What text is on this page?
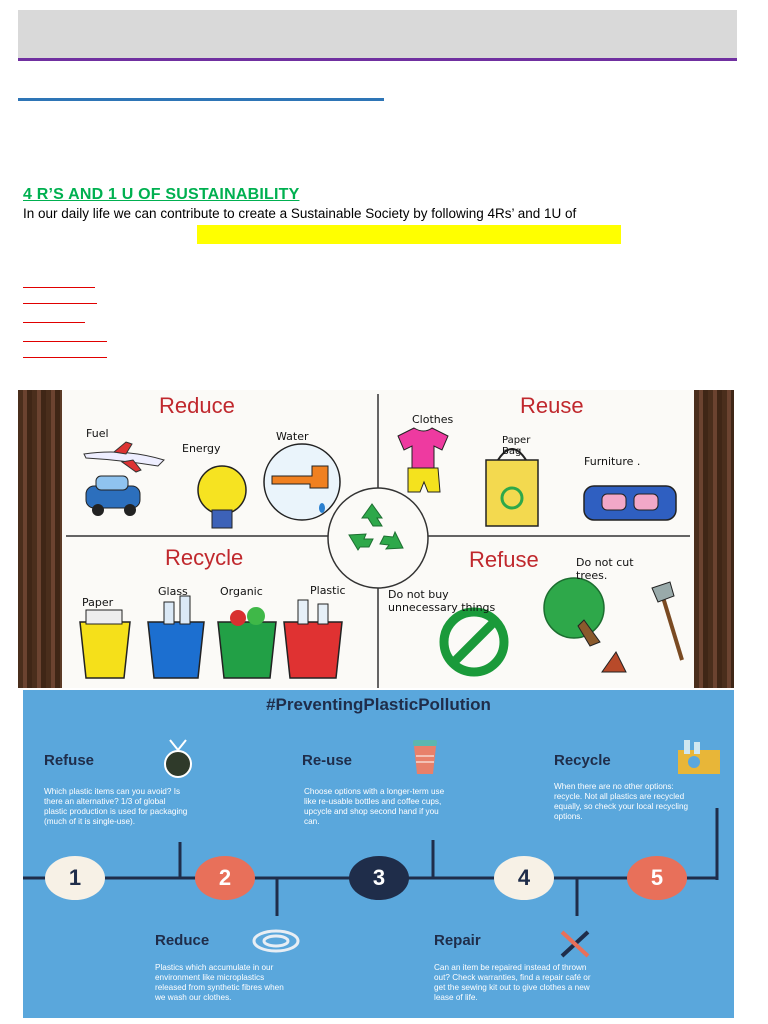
4 R’S AND 1 U OF SUSTAINABILITY
In our daily life we can contribute to create a Sustainable Society by following 4Rs’ and 1U of
Reduce	Reuse
Recycle	Refuse
Fuel
Energy
Water
Clothes
Paper Bag
Furniture .
Paper
Glass	Organic	Plastic
Do not cut trees.
Do not buy unnecessary things
#PreventingPlasticPollution
1	2	3	4	5
Refuse
Which plastic items can you avoid? Is there an alternative? 1/3 of global plastic production is used for packaging (much of it is single-use).
Reduce
Plastics which accumulate in our environment like microplastics released from synthetic fibres when we wash our clothes.
Re-use
Choose options with a longer-term use like re-usable bottles and coffee cups, upcycle and shop second hand if you can.
Repair
Can an item be repaired instead of thrown out? Check warranties, find a repair café or get the sewing kit out to give clothes a new lease of life.
Recycle
When there are no other options: recycle. Not all plastics are recycled equally, so check your local recycling options.
